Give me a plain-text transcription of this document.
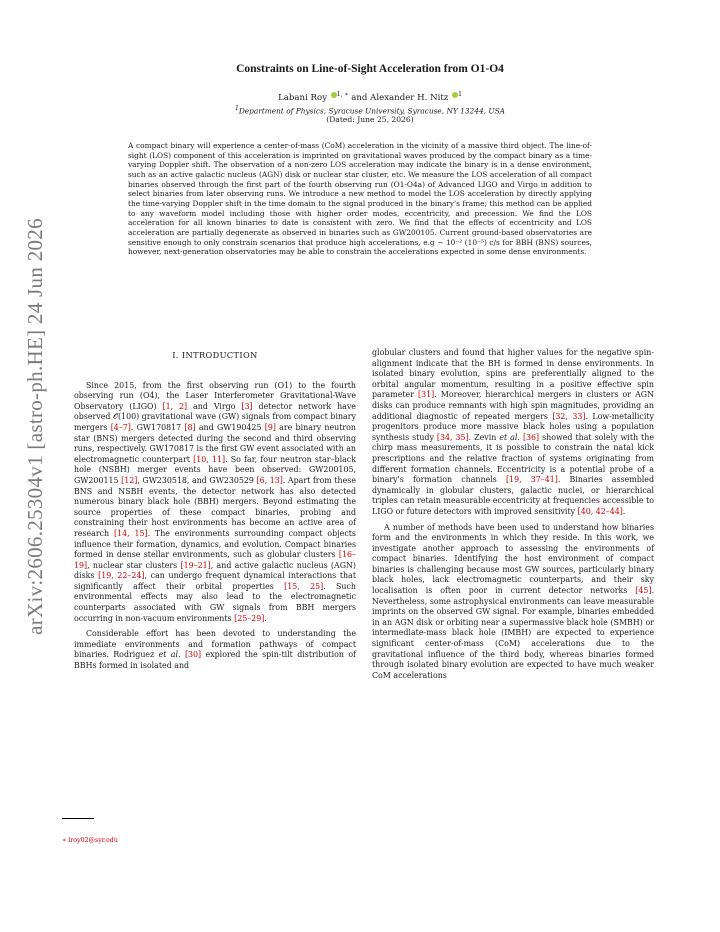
arXiv:2606.25304v1 [astro-ph.HE] 24 Jun 2026

Constraints on Line-of-Sight Acceleration from O1-O4

Labani Roy $^{1, ∗}$ and Alexander H. Nitz $^1$

$^1$Department of Physics, Syracuse University, Syracuse, NY 13244, USA

(Dated: June 25, 2026)

A compact binary will experience a center-of-mass (CoM) acceleration in the vicinity of a massive third object. The line-of-sight (LOS) component of this acceleration is imprinted on gravitational waves produced by the compact binary as a time-varying Doppler shift. The observation of a non-zero LOS acceleration may indicate the binary is in a dense environment, such as an active galactic nucleus (AGN) disk or nuclear star cluster, etc. We measure the LOS acceleration of all compact binaries observed through the first part of the fourth observing run (O1-O4a) of Advanced LIGO and Virgo in addition to select binaries from later observing runs. We introduce a new method to model the LOS acceleration by directly applying the time-varying Doppler shift in the time domain to the signal produced in the binary's frame; this method can be applied to any waveform model including those with higher order modes, eccentricity, and precession. We find the LOS acceleration for all known binaries to date is consistent with zero. We find that the effects of eccentricity and LOS acceleration are partially degenerate as observed in binaries such as GW200105. Current ground-based observatories are sensitive enough to only constrain scenarios that produce high accelerations, e.g ∼ 10⁻² (10⁻⁵) c/s for BBH (BNS) sources, however, next-generation observatories may be able to constrain the accelerations expected in some dense environments.

I. INTRODUCTION

Since 2015, from the first observing run (O1) to the fourth observing run (O4), the Laser Interferometer Gravitational-Wave Observatory (LIGO) [1, 2] and Virgo [3] detector network have observed 𝒪(100) gravitational wave (GW) signals from compact binary mergers [4–7]. GW170817 [8] and GW190425 [9] are binary neutron star (BNS) mergers detected during the second and third observing runs, respectively. GW170817 is the first GW event associated with an electromagnetic counterpart [10, 11]. So far, four neutron star–black hole (NSBH) merger events have been observed: GW200105, GW200115 [12], GW230518, and GW230529 [6, 13]. Apart from these BNS and NSBH events, the detector network has also detected numerous binary black hole (BBH) mergers. Beyond estimating the source properties of these compact binaries, probing and constraining their host environments has become an active area of research [14, 15]. The environments surrounding compact objects influence their formation, dynamics, and evolution. Compact binaries formed in dense stellar environments, such as globular clusters [16–19], nuclear star clusters [19–21], and active galactic nucleus (AGN) disks [19, 22–24], can undergo frequent dynamical interactions that significantly affect their orbital properties [15, 25]. Such environmental effects may also lead to the electromagnetic counterparts associated with GW signals from BBH mergers occurring in non-vacuum environments [25–29].

Considerable effort has been devoted to understanding the immediate environments and formation pathways of compact binaries. Rodriguez et al. [30] explored the spin-tilt distribution of BBHs formed in isolated and

globular clusters and found that higher values for the negative spin-alignment indicate that the BH is formed in dense environments. In isolated binary evolution, spins are preferentially aligned to the orbital angular momentum, resulting in a positive effective spin parameter [31]. Moreover, hierarchical mergers in clusters or AGN disks can produce remnants with high spin magnitudes, providing an additional diagnostic of repeated mergers [32, 33]. Low-metallicity progenitors produce more massive black holes using a population synthesis study [34, 35]. Zevin et al. [36] showed that solely with the chirp mass measurements, it is possible to constrain the natal kick prescriptions and the relative fraction of systems originating from different formation channels. Eccentricity is a potential probe of a binary's formation channels [19, 37–41]. Binaries assembled dynamically in globular clusters, galactic nuclei, or hierarchical triples can retain measurable eccentricity at frequencies accessible to LIGO or future detectors with improved sensitivity [40, 42–44].

A number of methods have been used to understand how binaries form and the environments in which they reside. In this work, we investigate another approach to assessing the environments of compact binaries. Identifying the host environment of compact binaries is challenging because most GW sources, particularly binary black holes, lack electromagnetic counterparts, and their sky localisation is often poor in current detector networks [45]. Nevertheless, some astrophysical environments can leave measurable imprints on the observed GW signal. For example, binaries embedded in an AGN disk or orbiting near a supermassive black hole (SMBH) or intermediate-mass black hole (IMBH) are expected to experience significant center-of-mass (CoM) accelerations due to the gravitational influence of the third body, whereas binaries formed through isolated binary evolution are expected to have much weaker CoM accelerations

∗ lroy02@syr.edu
